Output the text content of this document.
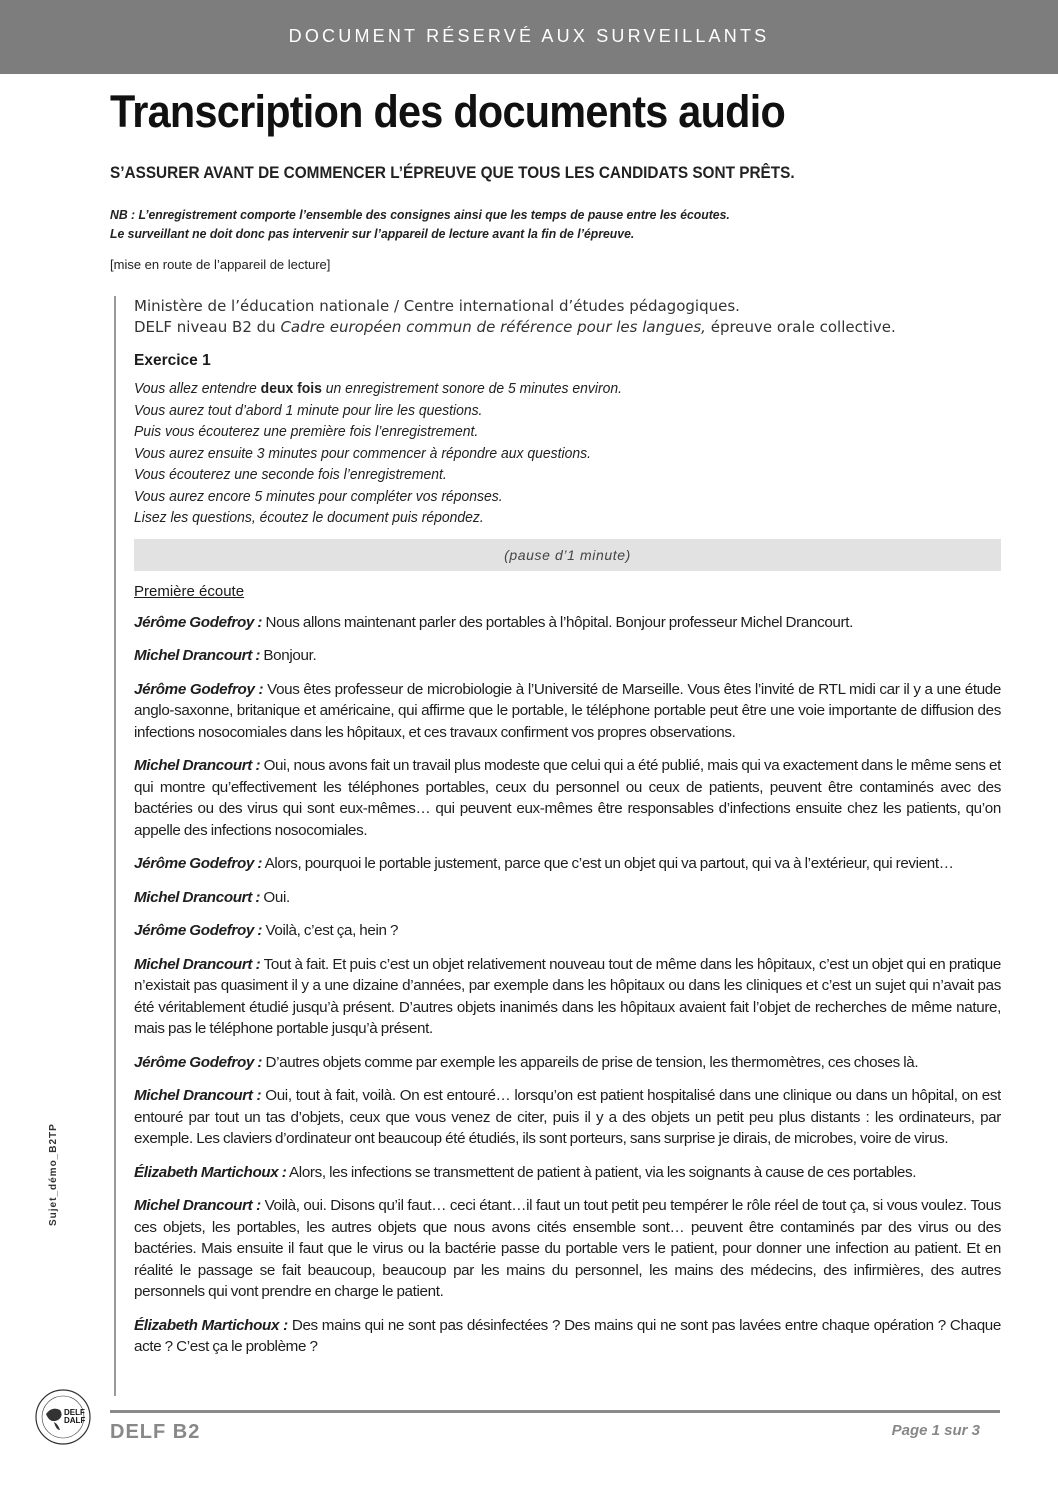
DOCUMENT RÉSERVÉ AUX SURVEILLANTS
Transcription des documents audio
S’ASSURER AVANT DE COMMENCER L’ÉPREUVE QUE TOUS LES CANDIDATS SONT PRÊTS.
NB : L’enregistrement comporte l’ensemble des consignes ainsi que les temps de pause entre les écoutes.
Le surveillant ne doit donc pas intervenir sur l’appareil de lecture avant la fin de l’épreuve.
[mise en route de l’appareil de lecture]
Ministère de l’éducation nationale / Centre international d’études pédagogiques.
DELF niveau B2 du Cadre européen commun de référence pour les langues, épreuve orale collective.
Exercice 1
Vous allez entendre deux fois un enregistrement sonore de 5 minutes environ.
Vous aurez tout d’abord 1 minute pour lire les questions.
Puis vous écouterez une première fois l’enregistrement.
Vous aurez ensuite 3 minutes pour commencer à répondre aux questions.
Vous écouterez une seconde fois l’enregistrement.
Vous aurez encore 5 minutes pour compléter vos réponses.
Lisez les questions, écoutez le document puis répondez.
(pause d’1 minute)
Première écoute
Jérôme Godefroy : Nous allons maintenant parler des portables à l’hôpital. Bonjour professeur Michel Drancourt.
Michel Drancourt : Bonjour.
Jérôme Godefroy : Vous êtes professeur de microbiologie à l’Université de Marseille. Vous êtes l’invité de RTL midi car il y a une étude anglo-saxonne, britanique et américaine, qui affirme que le portable, le téléphone portable peut être une voie importante de diffusion des infections nosocomiales dans les hôpitaux, et ces travaux confirment vos propres observations.
Michel Drancourt : Oui, nous avons fait un travail plus modeste que celui qui a été publié, mais qui va exactement dans le même sens et qui montre qu’effectivement les téléphones portables, ceux du personnel ou ceux de patients, peuvent être contaminés avec des bactéries ou des virus qui sont eux-mêmes… qui peuvent eux-mêmes être responsables d’infections ensuite chez les patients, qu’on appelle des infections nosocomiales.
Jérôme Godefroy : Alors, pourquoi le portable justement, parce que c’est un objet qui va partout, qui va à l’extérieur, qui revient…
Michel Drancourt : Oui.
Jérôme Godefroy : Voilà, c’est ça, hein ?
Michel Drancourt : Tout à fait. Et puis c’est un objet relativement nouveau tout de même dans les hôpitaux, c’est un objet qui en pratique n’existait pas quasiment il y a une dizaine d’années, par exemple dans les hôpitaux ou dans les cliniques et c’est un sujet qui n’avait pas été véritablement étudié jusqu’à présent. D’autres objets inanimés dans les hôpitaux avaient fait l’objet de recherches de même nature, mais pas le téléphone portable jusqu’à présent.
Jérôme Godefroy : D’autres objets comme par exemple les appareils de prise de tension, les thermomètres, ces choses là.
Michel Drancourt : Oui, tout à fait, voilà. On est entouré… lorsqu’on est patient hospitalisé dans une clinique ou dans un hôpital, on est entouré par tout un tas d’objets, ceux que vous venez de citer, puis il y a des objets un petit peu plus distants : les ordinateurs, par exemple. Les claviers d’ordinateur ont beaucoup été étudiés, ils sont porteurs, sans surprise je dirais, de microbes, voire de virus.
Élizabeth Martichoux : Alors, les infections se transmettent de patient à patient, via les soignants à cause de ces portables.
Michel Drancourt : Voilà, oui. Disons qu’il faut… ceci étant…il faut un tout petit peu tempérer le rôle réel de tout ça, si vous voulez. Tous ces objets, les portables, les autres objets que nous avons cités ensemble sont… peuvent être contaminés par des virus ou des bactéries. Mais ensuite il faut que le virus ou la bactérie passe du portable vers le patient, pour donner une infection au patient. Et en réalité le passage se fait beaucoup, beaucoup par les mains du personnel, les mains des médecins, des infirmières, des autres personnels qui vont prendre en charge le patient.
Élizabeth Martichoux : Des mains qui ne sont pas désinfectées ? Des mains qui ne sont pas lavées entre chaque opération ? Chaque acte ? C’est ça le problème ?
Sujet_démo_B2TP
DELF
DALF
DELF B2	Page 1 sur 3
